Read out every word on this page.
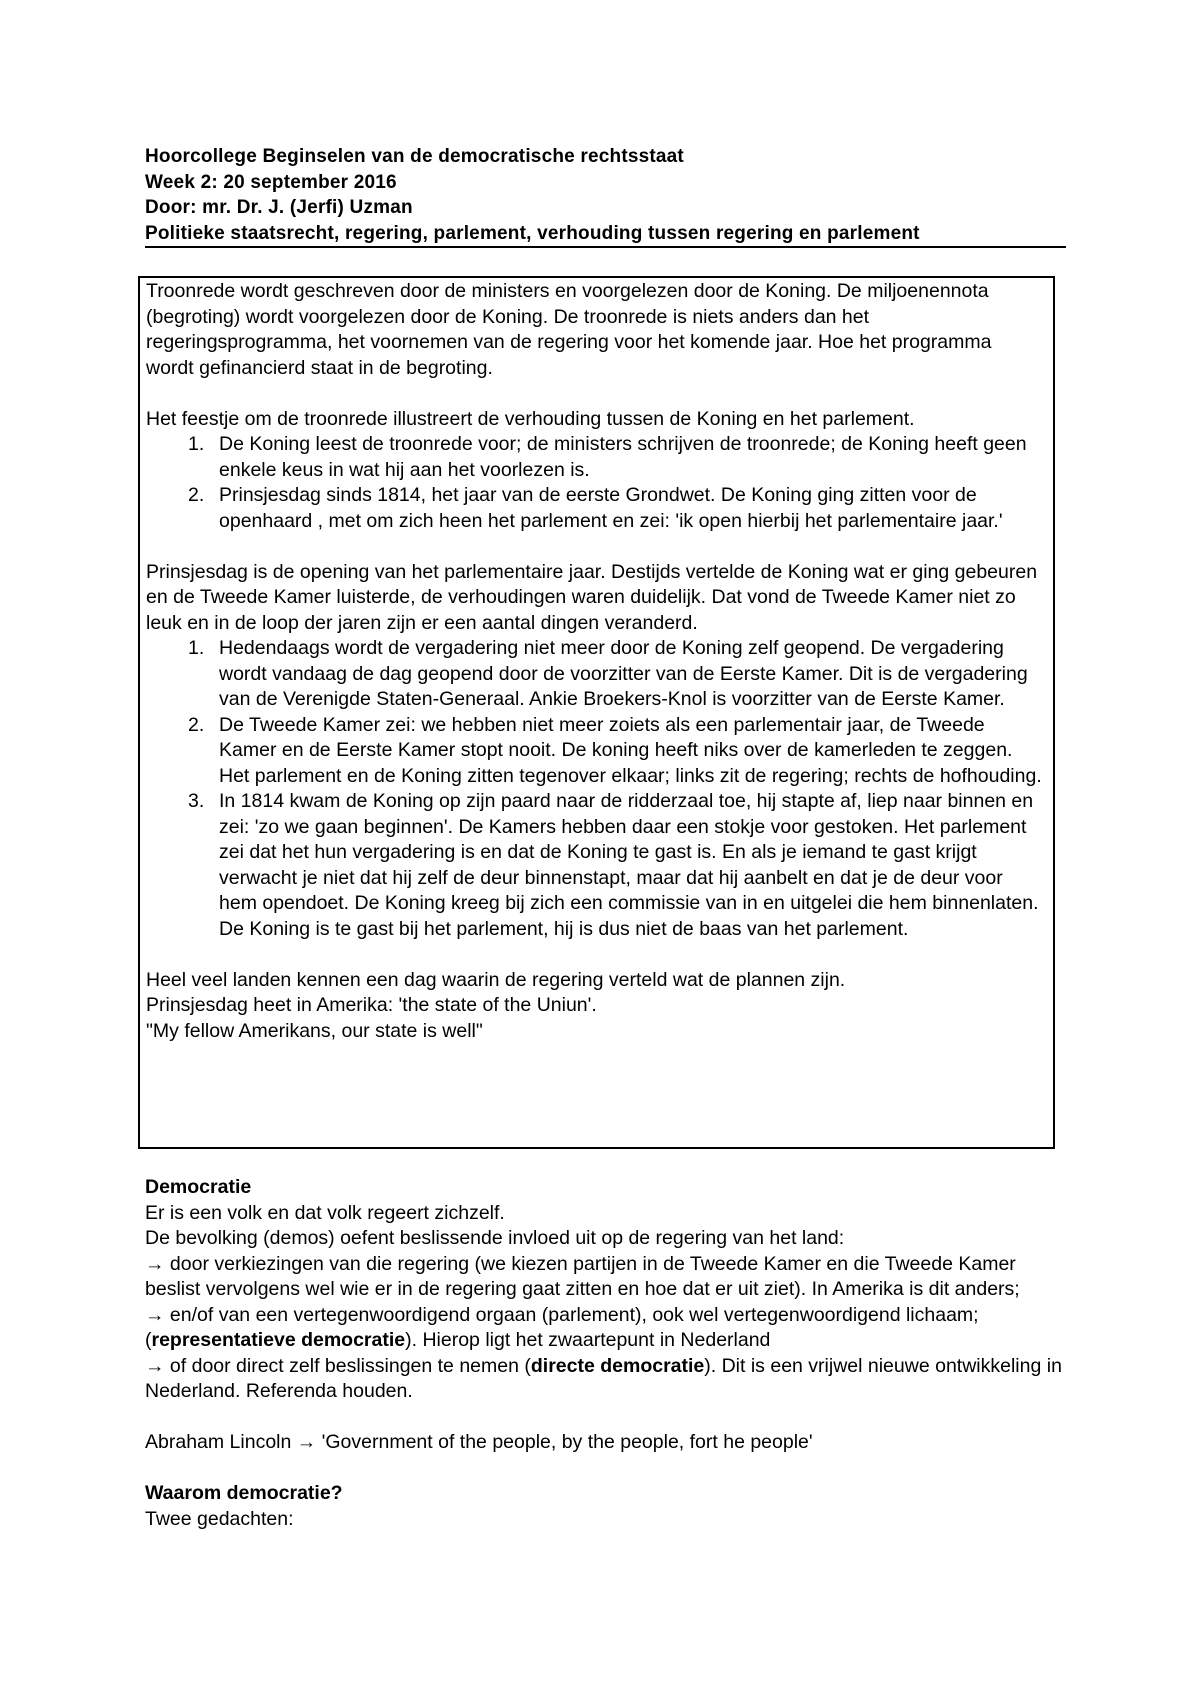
Hoorcollege Beginselen van de democratische rechtsstaat
Week 2: 20 september 2016
Door: mr. Dr. J. (Jerfi) Uzman
Politieke staatsrecht, regering, parlement, verhouding tussen regering en parlement

Troonrede wordt geschreven door de ministers en voorgelezen door de Koning. De miljoenennota (begroting) wordt voorgelezen door de Koning. De troonrede is niets anders dan het regeringsprogramma, het voornemen van de regering voor het komende jaar. Hoe het programma wordt gefinancierd staat in de begroting.

Het feestje om de troonrede illustreert de verhouding tussen de Koning en het parlement.

1. De Koning leest de troonrede voor; de ministers schrijven de troonrede; de Koning heeft geen enkele keus in wat hij aan het voorlezen is.
2. Prinsjesdag sinds 1814, het jaar van de eerste Grondwet. De Koning ging zitten voor de openhaard , met om zich heen het parlement en zei: 'ik open hierbij het parlementaire jaar.'

Prinsjesdag is de opening van het parlementaire jaar. Destijds vertelde de Koning wat er ging gebeuren en de Tweede Kamer luisterde, de verhoudingen waren duidelijk. Dat vond de Tweede Kamer niet zo leuk en in de loop der jaren zijn er een aantal dingen veranderd.

1. Hedendaags wordt de vergadering niet meer door de Koning zelf geopend. De vergadering wordt vandaag de dag geopend door de voorzitter van de Eerste Kamer. Dit is de vergadering van de Verenigde Staten-Generaal. Ankie Broekers-Knol is voorzitter van de Eerste Kamer.
2. De Tweede Kamer zei: we hebben niet meer zoiets als een parlementair jaar, de Tweede Kamer en de Eerste Kamer stopt nooit. De koning heeft niks over de kamerleden te zeggen. Het parlement en de Koning zitten tegenover elkaar; links zit de regering; rechts de hofhouding.
3. In 1814 kwam de Koning op zijn paard naar de ridderzaal toe, hij stapte af, liep naar binnen en zei: 'zo we gaan beginnen'. De Kamers hebben daar een stokje voor gestoken. Het parlement zei dat het hun vergadering is en dat de Koning te gast is. En als je iemand te gast krijgt verwacht je niet dat hij zelf de deur binnenstapt, maar dat hij aanbelt en dat je de deur voor hem opendoet. De Koning kreeg bij zich een commissie van in en uitgelei die hem binnenlaten. De Koning is te gast bij het parlement, hij is dus niet de baas van het parlement.

Heel veel landen kennen een dag waarin de regering verteld wat de plannen zijn.

Prinsjesdag heet in Amerika: 'the state of the Uniun'.

"My fellow Amerikans, our state is well"

Democratie

Er is een volk en dat volk regeert zichzelf.

De bevolking (demos) oefent beslissende invloed uit op de regering van het land:

→ door verkiezingen van die regering (we kiezen partijen in de Tweede Kamer en die Tweede Kamer beslist vervolgens wel wie er in de regering gaat zitten en hoe dat er uit ziet). In Amerika is dit anders;

→ en/of van een vertegenwoordigend orgaan (parlement), ook wel vertegenwoordigend lichaam; (representatieve democratie). Hierop ligt het zwaartepunt in Nederland

→ of door direct zelf beslissingen te nemen (directe democratie). Dit is een vrijwel nieuwe ontwikkeling in Nederland. Referenda houden.

Abraham Lincoln → 'Government of the people, by the people, fort he people'

Waarom democratie?

Twee gedachten:
